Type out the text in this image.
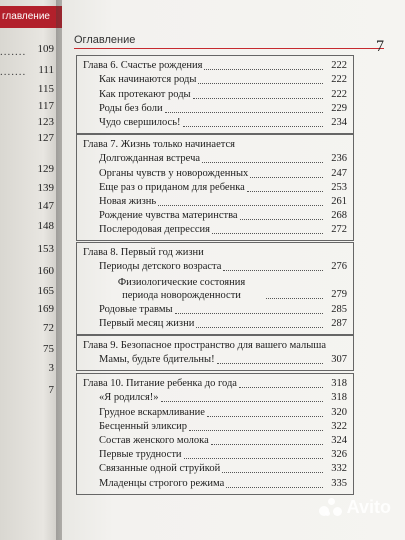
главление
....... 109
....... 111
115
117
123
127
129
139
147
148
153
160
165
169
72
75
3
7
Оглавление	7
Глава 6. Счастье рождения	222
Как начинаются роды	222
Как протекают роды	222
Роды без боли	229
Чудо свершилось!	234
Глава 7. Жизнь только начинается
Долгожданная встреча	236
Органы чувств у новорожденных	247
Еще раз о приданом для ребенка	253
Новая жизнь	261
Рождение чувства материнства	268
Послеродовая депрессия	272
Глава 8. Первый год жизни
Периоды детского возраста	276
Физиологические состояния периода новорожденности	279
Родовые травмы	285
Первый месяц жизни	287
Глава 9. Безопасное пространство для вашего малыша
Мамы, будьте бдительны!	307
Глава 10. Питание ребенка до года	318
«Я родился!»	318
Грудное вскармливание	320
Бесценный эликсир	322
Состав женского молока	324
Первые трудности	326
Связанные одной струйкой	332
Младенцы строгого режима	335
Avito
